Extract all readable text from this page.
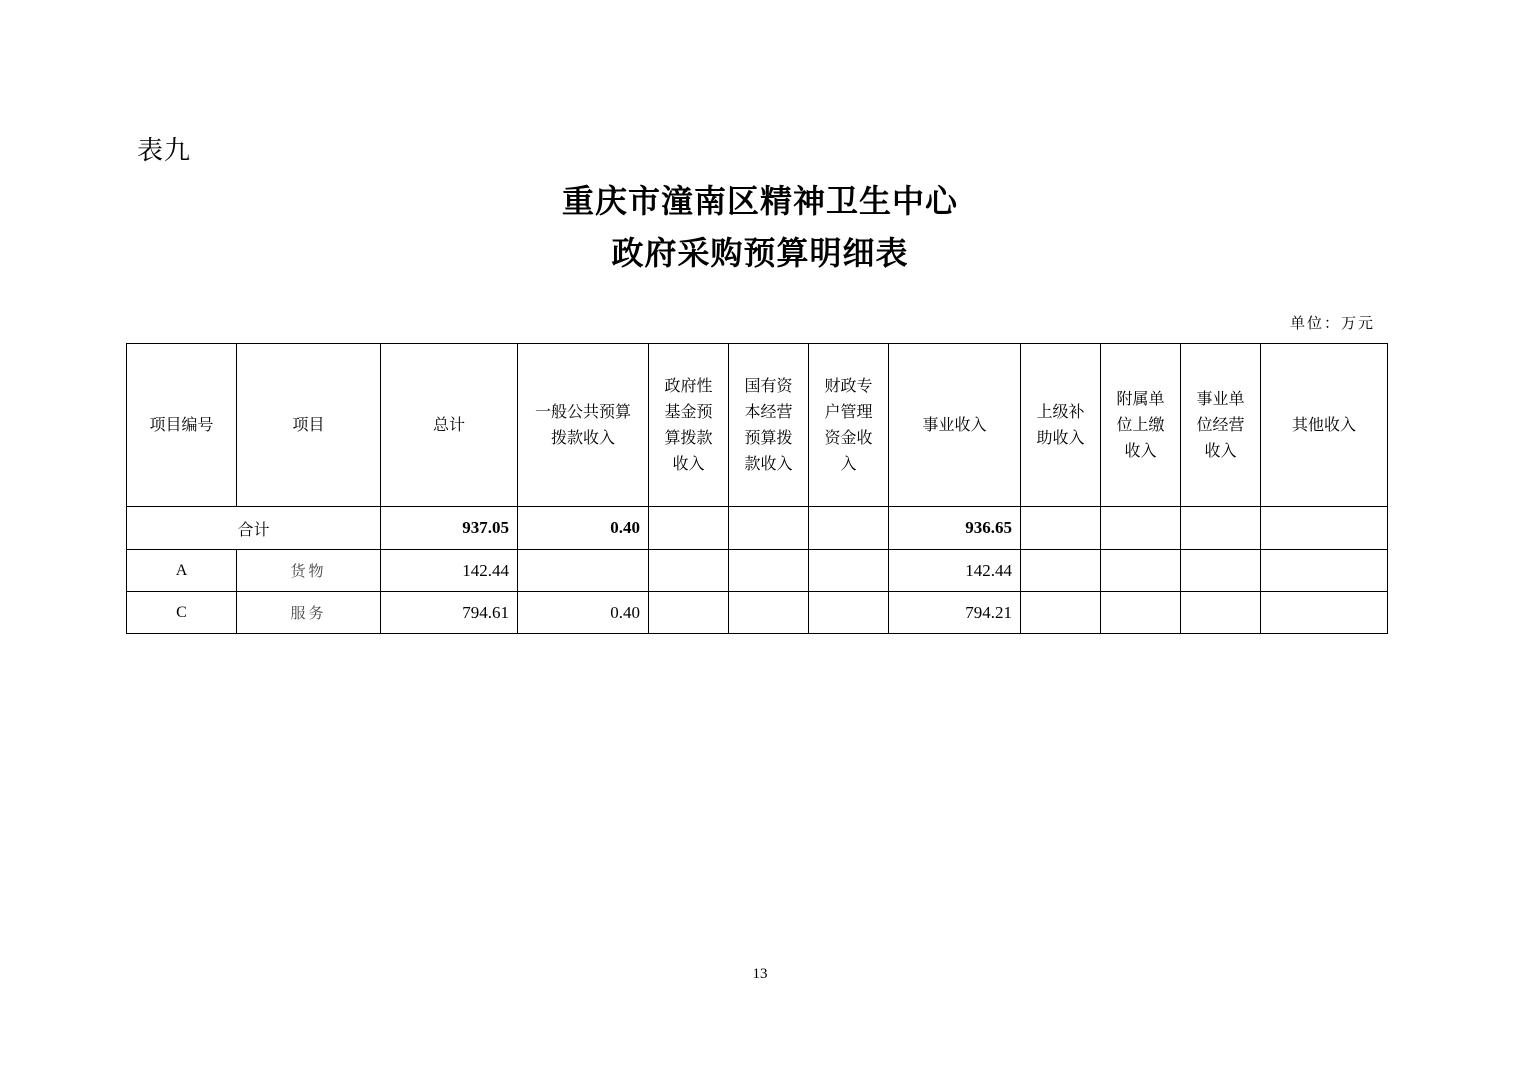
表九
重庆市潼南区精神卫生中心
政府采购预算明细表
单位：万元
项目编号	项目	总计	一般公共预算拨款收入	政府性基金预算拨款收入	国有资本经营预算拨款收入	财政专户管理资金收入	事业收入	上级补助收入	附属单位上缴收入	事业单位经营收入	其他收入
合计		937.05	0.40				936.65				
A	货物	142.44					142.44				
C	服务	794.61	0.40				794.21				
13
